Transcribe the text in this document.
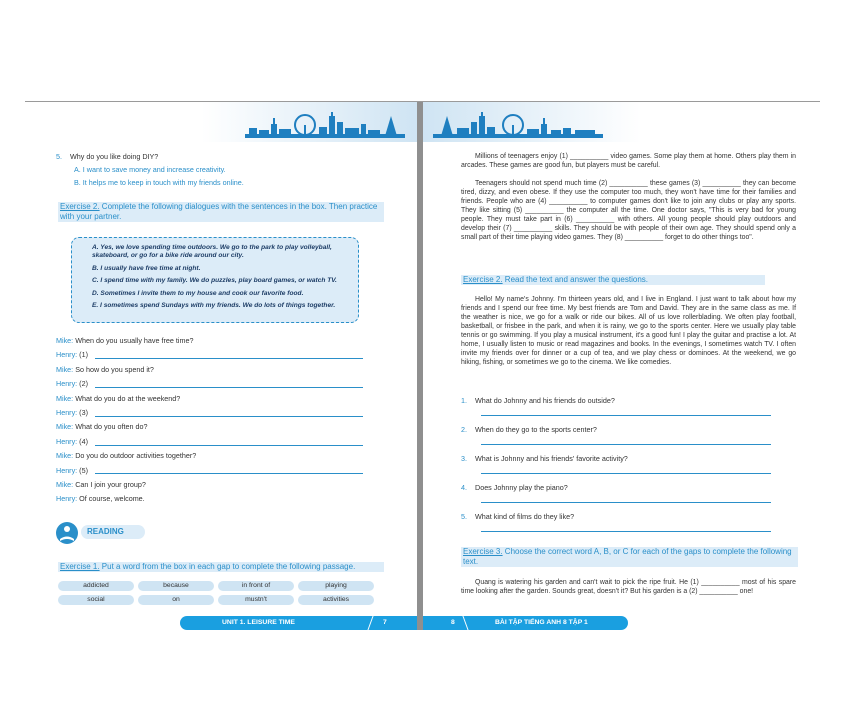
5. Why do you like doing DIY?
A. I want to save money and increase creativity.
B. It helps me to keep in touch with my friends online.
Exercise 2. Complete the following dialogues with the sentences in the box. Then practice with your partner.

A. Yes, we love spending time outdoors. We go to the park to play volleyball, skateboard, or go for a bike ride around our city.

B. I usually have free time at night.

C. I spend time with my family. We do puzzles, play board games, or watch TV.

D. Sometimes I invite them to my house and cook our favorite food.

E. I sometimes spend Sundays with my friends. We do lots of things together.

Mike: When do you usually have free time?
Henry: (1)
Mike: So how do you spend it?
Henry: (2)
Mike: What do you do at the weekend?
Henry: (3)
Mike: What do you often do?
Henry: (4)
Mike: Do you do outdoor activities together?
Henry: (5)
Mike: Can I join your group?
Henry: Of course, welcome.
READING
Exercise 1. Put a word from the box in each gap to complete the following passage.
addicted	because	in front of	playing
social	on	mustn't	activities
UNIT 1. LEISURE TIME	7
Millions of teenagers enjoy (1) __________ video games. Some play them at home. Others play them in arcades. These games are good fun, but players must be careful.
Teenagers should not spend much time (2) __________ these games (3) __________ they can become tired, dizzy, and even obese. If they use the computer too much, they won't have time for their families and friends. People who are (4) __________ to computer games don't like to join any clubs or play any sports. They like sitting (5) __________ the computer all the time. One doctor says, "This is very bad for young people. They must take part in (6) __________ with others. All young people should play outdoors and develop their (7) __________ skills. They should be with people of their own age. They should spend only a small part of their time playing video games. They (8) __________ forget to do other things too".
Exercise 2. Read the text and answer the questions.
Hello! My name's Johnny. I'm thirteen years old, and I live in England. I just want to talk about how my friends and I spend our free time. My best friends are Tom and David. They are in the same class as me. If the weather is nice, we go for a walk or ride our bikes. All of us love rollerblading. We often play football, basketball, or frisbee in the park, and when it is rainy, we go to the sports center. Here we usually play table tennis or go swimming. If you play a musical instrument, it's a good fun! I play the guitar and practise a lot. At home, I usually listen to music or read magazines and books. In the evenings, I sometimes watch TV. I often invite my friends over for dinner or a cup of tea, and we play chess or dominoes. At the weekend, we go hiking, fishing, or sometimes we go to the cinema. We like comedies.
1. What do Johnny and his friends do outside?
2. When do they go to the sports center?
3. What is Johnny and his friends' favorite activity?
4. Does Johnny play the piano?
5. What kind of films do they like?
Exercise 3. Choose the correct word A, B, or C for each of the gaps to complete the following text.
Quang is watering his garden and can't wait to pick the ripe fruit. He (1) __________ most of his spare time looking after the garden. Sounds great, doesn't it? But his garden is a (2) __________ one!
8	BÀI TẬP TIẾNG ANH 8 TẬP 1
